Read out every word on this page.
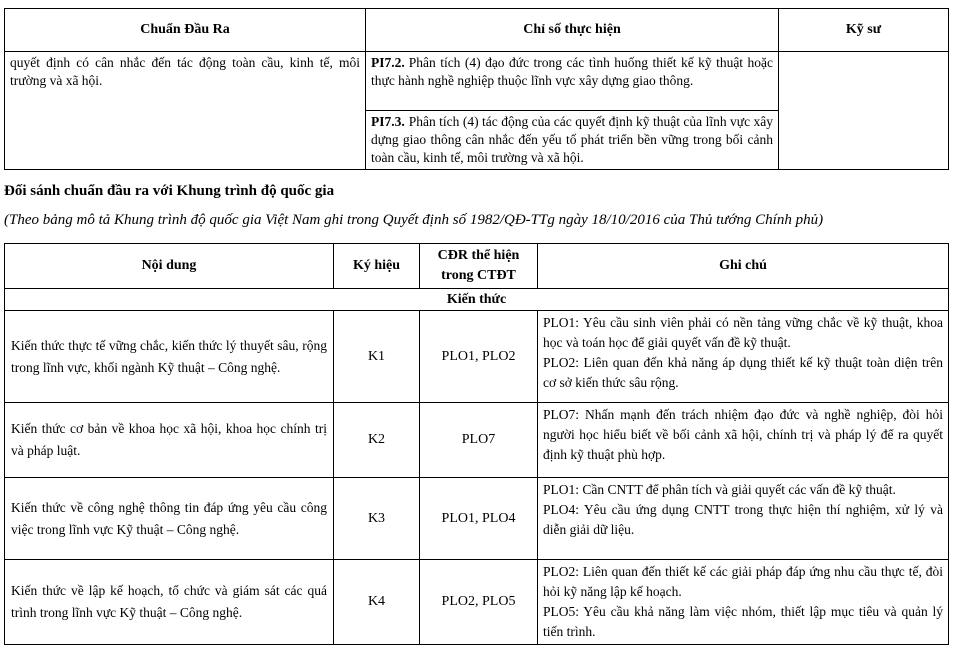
Chuẩn Đầu Ra	Chỉ số thực hiện	Kỹ sư
quyết định có cân nhắc đến tác động toàn cầu, kinh tế, môi trường và xã hội.	PI7.2. Phân tích (4) đạo đức trong các tình huống thiết kế kỹ thuật hoặc thực hành nghề nghiệp thuộc lĩnh vực xây dựng giao thông.	
	PI7.3. Phân tích (4) tác động của các quyết định kỹ thuật của lĩnh vực xây dựng giao thông cân nhắc đến yếu tố phát triển bền vững trong bối cảnh toàn cầu, kinh tế, môi trường và xã hội.	
Đối sánh chuẩn đầu ra với Khung trình độ quốc gia

(Theo bảng mô tả Khung trình độ quốc gia Việt Nam ghi trong Quyết định số 1982/QĐ-TTg ngày 18/10/2016 của Thủ tướng Chính phủ)

Nội dung	Ký hiệu	CĐR thể hiện trong CTĐT	Ghi chú
Kiến thức			
Kiến thức thực tế vững chắc, kiến thức lý thuyết sâu, rộng trong lĩnh vực, khối ngành Kỹ thuật – Công nghệ.	K1	PLO1, PLO2	PLO1: Yêu cầu sinh viên phải có nền tảng vững chắc về kỹ thuật, khoa học và toán học để giải quyết vấn đề kỹ thuật.
PLO2: Liên quan đến khả năng áp dụng thiết kế kỹ thuật toàn diện trên cơ sở kiến thức sâu rộng.

Kiến thức cơ bản về khoa học xã hội, khoa học chính trị và pháp luật.	K2	PLO7	PLO7: Nhấn mạnh đến trách nhiệm đạo đức và nghề nghiệp, đòi hỏi người học hiểu biết về bối cảnh xã hội, chính trị và pháp lý để ra quyết định kỹ thuật phù hợp.

Kiến thức về công nghệ thông tin đáp ứng yêu cầu công việc trong lĩnh vực Kỹ thuật – Công nghệ.	K3	PLO1, PLO4	PLO1: Cần CNTT để phân tích và giải quyết các vấn đề kỹ thuật.
PLO4: Yêu cầu ứng dụng CNTT trong thực hiện thí nghiệm, xử lý và diễn giải dữ liệu.

Kiến thức về lập kế hoạch, tổ chức và giám sát các quá trình trong lĩnh vực Kỹ thuật – Công nghệ.	K4	PLO2, PLO5	PLO2: Liên quan đến thiết kế các giải pháp đáp ứng nhu cầu thực tế, đòi hỏi kỹ năng lập kế hoạch.
PLO5: Yêu cầu khả năng làm việc nhóm, thiết lập mục tiêu và quản lý tiến trình.
